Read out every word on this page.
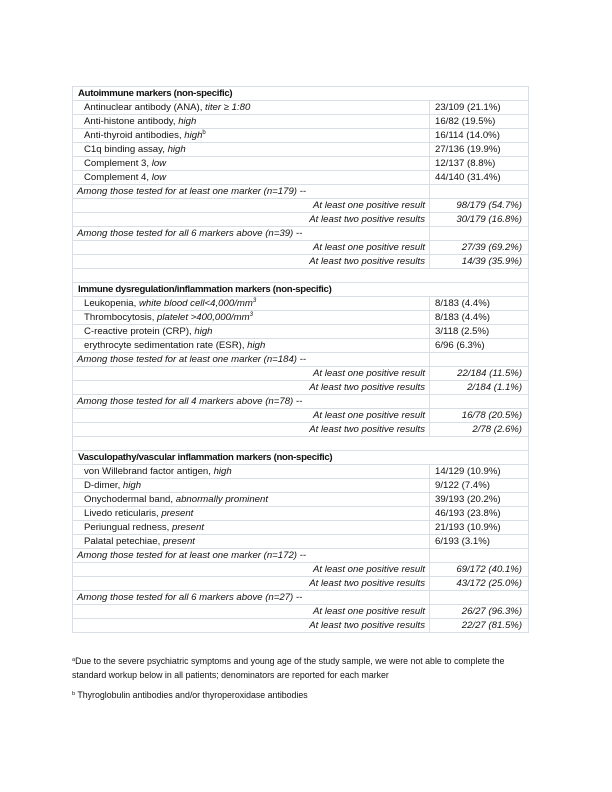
Autoimmune markers (non-specific)	
Antinuclear antibody (ANA), titer ≥ 1:80	23/109 (21.1%)
Anti-histone antibody, high	16/82 (19.5%)
Anti-thyroid antibodies, high$^b$	16/114 (14.0%)
C1q binding assay, high	27/136 (19.9%)
Complement 3, low	12/137 (8.8%)
Complement 4, low	44/140 (31.4%)
Among those tested for at least one marker (n=179) --	
At least one positive result	98/179 (54.7%)
At least two positive results	30/179 (16.8%)
Among those tested for all 6 markers above (n=39) --	
At least one positive result	27/39 (69.2%)
At least two positive results	14/39 (35.9%)

Immune dysregulation/inflammation markers (non-specific)	
Leukopenia, white blood $cell<4,000/mm^3$	8/183 (4.4%)
Thrombocytosis, platelet $>400,000/mm^3$	8/183 (4.4%)
C-reactive protein (CRP), high	3/118 (2.5%)
erythrocyte sedimentation rate (ESR), high	6/96 (6.3%)
Among those tested for at least one marker (n=184) --	
At least one positive result	22/184 (11.5%)
At least two positive results	2/184 (1.1%)
Among those tested for all 4 markers above (n=78) --	
At least one positive result	16/78 (20.5%)
At least two positive results	2/78 (2.6%)

Vasculopathy/vascular inflammation markers (non-specific)	
von Willebrand factor antigen, high	14/129 (10.9%)
D-dimer, high	9/122 (7.4%)
Onychodermal band, abnormally prominent	39/193 (20.2%)
Livedo reticularis, present	46/193 (23.8%)
Periungual redness, present	21/193 (10.9%)
Palatal petechiae, present	6/193 (3.1%)
Among those tested for at least one marker (n=172) --	
At least one positive result	69/172 (40.1%)
At least two positive results	43/172 (25.0%)
Among those tested for all 6 markers above (n=27) --	
At least one positive result	26/27 (96.3%)
At least two positive results	22/27 (81.5%)
$^a$Due to the severe psychiatric symptoms and young age of the study sample, we were not able to complete the
standard workup below in all patients; denominators are reported for each marker
$^b$ Thyroglobulin antibodies and/or thyroperoxidase antibodies
